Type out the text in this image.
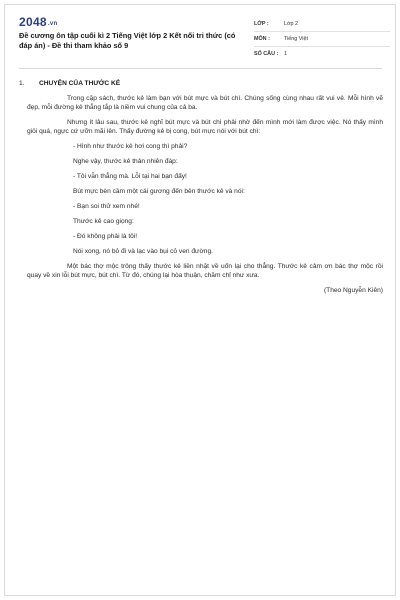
2048.vn
Đề cương ôn tập cuối kì 2 Tiếng Việt lớp 2 Kết nối tri thức (có đáp án) - Đề thi tham khảo số 9
LỚP :	Lớp 2
MÔN :	Tiếng Việt
SỐ CÂU :	1
1.	CHUYỆN CỦA THƯỚC KẺ

Trong cặp sách, thước kẻ làm bạn với bút mực và bút chì. Chúng sống cùng nhau rất vui vẻ. Mỗi hình vẽ đẹp, mỗi đường kẻ thẳng tắp là niềm vui chung của cả ba.

Nhưng ít lâu sau, thước kẻ nghĩ bút mực và bút chì phải nhờ đến mình mới làm được việc. Nó thấy mình giỏi quá, ngực cứ ưỡn mãi lên. Thấy đường kẻ bị cong, bút mực nói với bút chì:

- Hình như thước kẻ hơi cong thì phải?

Nghe vậy, thước kẻ thản nhiên đáp:

- Tôi vẫn thẳng mà. Lỗi tại hai bạn đấy!

Bút mực bèn cầm một cái gương đến bên thước kẻ và nói:

- Bạn soi thử xem nhé!

Thước kẻ cao giọng:

- Đó không phải là tôi!

Nói xong, nó bỏ đi và lạc vào bụi cỏ ven đường.

Một bác thợ mộc trông thấy thước kẻ liền nhặt về uốn lại cho thẳng. Thước kẻ cảm ơn bác thợ mộc rồi quay về xin lỗi bút mực, bút chì. Từ đó, chúng lại hòa thuận, chăm chỉ như xưa.

(Theo Nguyễn Kiên)
